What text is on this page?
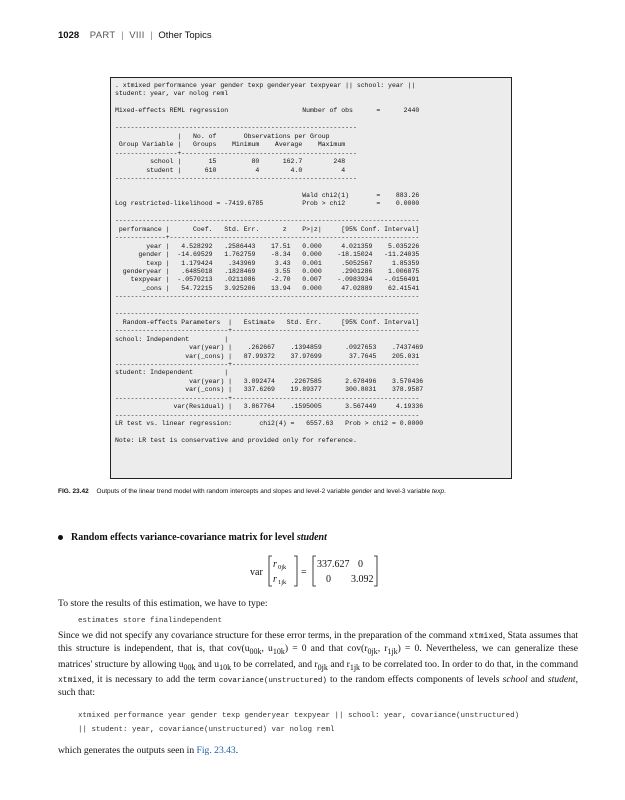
1028 PART | VIII | Other Topics
. xtmixed performance year gender texp genderyear texpyear || school: year ||
student: year, var nolog reml

Mixed-effects REML regression                   Number of obs      =      2440

--------------------------------------------------------------
|   No. of       Observations per Group
Group Variable |   Groups    Minimum    Average    Maximum
----------------+---------------------------------------------
school |       15         80      162.7        248
student |      610          4        4.0          4
--------------------------------------------------------------

Wald chi2(1)       =    883.26
Log restricted-likelihood = -7419.6785          Prob > chi2        =    0.0000

------------------------------------------------------------------------------
performance |      Coef.   Std. Err.      z    P>|z|     [95% Conf. Interval]
-------------+----------------------------------------------------------------
year |   4.528292   .2586443    17.51   0.000     4.021359    5.035226
gender |  -14.69529   1.762759    -8.34   0.000    -18.15024   -11.24035
texp |   1.179424    .343969     3.43   0.001     .5052567     1.85359
genderyear |   .6485018   .1828469     3.55   0.000     .2901286    1.006875
texpyear |  -.0570213   .0211086    -2.70   0.007    -.0983934   -.0156491
_cons |   54.72215   3.925206    13.94   0.000     47.02889    62.41541
------------------------------------------------------------------------------

------------------------------------------------------------------------------
Random-effects Parameters  |   Estimate   Std. Err.     [95% Conf. Interval]
-----------------------------+------------------------------------------------
school: Independent         |
var(year) |    .262667    .1394859      .0927653    .7437469
var(_cons) |   87.99372    37.97699       37.7645    205.031
-----------------------------+------------------------------------------------
student: Independent        |
var(year) |   3.092474    .2267585      2.678496    3.570436
var(_cons) |   337.6269    19.89377      300.8031    378.9587
-----------------------------+------------------------------------------------
var(Residual) |   3.867764    .1595005      3.567449     4.19336
------------------------------------------------------------------------------
LR test vs. linear regression:       chi2(4) =   6557.63   Prob > chi2 = 0.0000

Note: LR test is conservative and provided only for reference.
FIG. 23.42 Outputs of the linear trend model with random intercepts and slopes and level-2 variable gender and level-3 variable texp.
Random effects variance-covariance matrix for level student
var
r 0jk
r 1jk
=
337.627 0
0 3.092
To store the results of this estimation, we have to type:
estimates store finalindependent
Since we did not specify any covariance structure for these error terms, in the preparation of the command xtmixed, Stata assumes that this structure is independent, that is, that $cov(u_{00k}$, $u_{10k}) = 0$ and that $cov(r_{0jk}$, $r_{1jk}) = 0$. Nevertheless, we can generalize these matrices' structure by allowing $u_{00k}$ and $u_{10k}$ to be correlated, and $r_{0jk}$ and $r_{1jk}$ to be correlated too. In order to do that, in the command xtmixed, it is necessary to add the term covariance(unstructured) to the random effects components of levels school and student, such that:
xtmixed performance year gender texp genderyear texpyear || school: year, covariance(unstructured)
|| student: year, covariance(unstructured) var nolog reml
which generates the outputs seen in Fig. 23.43.
